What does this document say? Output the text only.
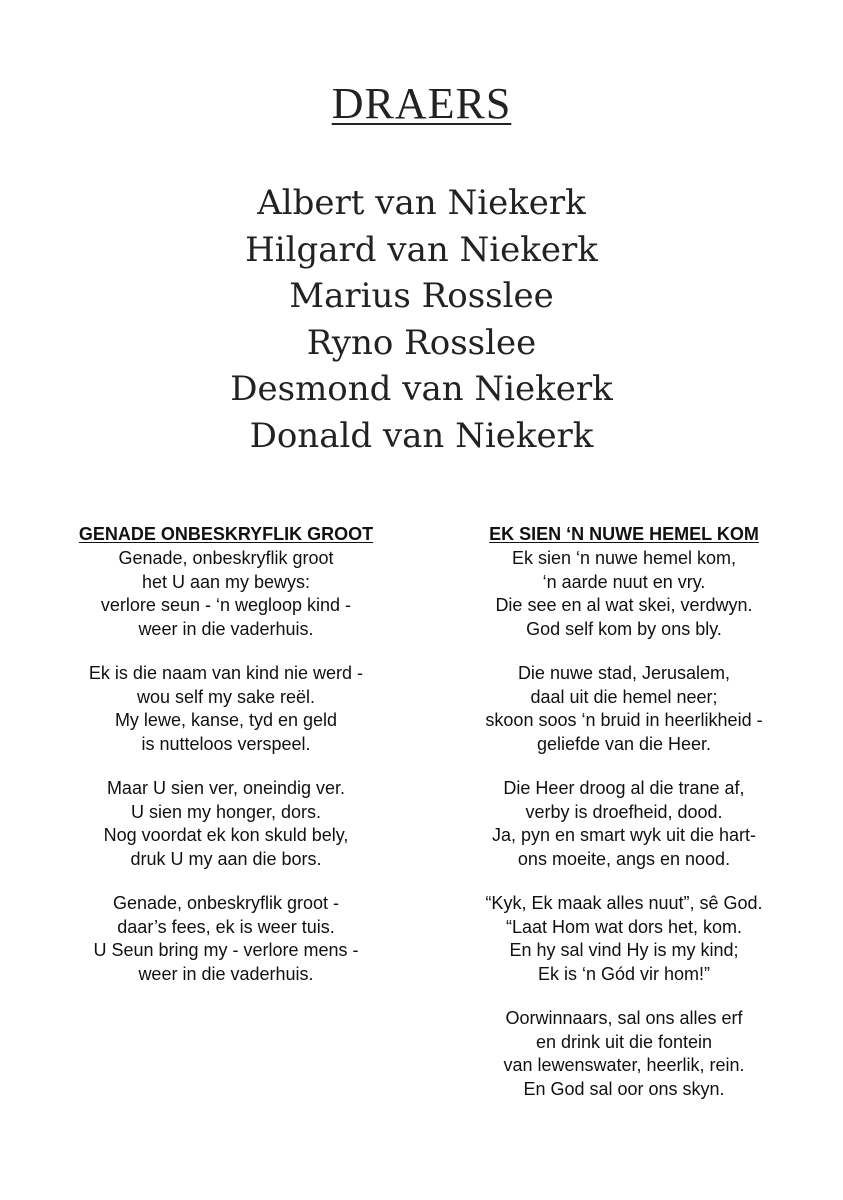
DRAERS
Albert van Niekerk
Hilgard van Niekerk
Marius Rosslee
Ryno Rosslee
Desmond van Niekerk
Donald van Niekerk
GENADE ONBESKRYFLIK GROOT
Genade, onbeskryflik groot
het U aan my bewys:
verlore seun - ‘n wegloop kind -
weer in die vaderhuis.
Ek is die naam van kind nie werd -
wou self my sake reël.
My lewe, kanse, tyd en geld
is nutteloos verspeel.
Maar U sien ver, oneindig ver.
U sien my honger, dors.
Nog voordat ek kon skuld bely,
druk U my aan die bors.
Genade, onbeskryflik groot -
daar’s fees, ek is weer tuis.
U Seun bring my - verlore mens -
weer in die vaderhuis.
EK SIEN ‘N NUWE HEMEL KOM
Ek sien ‘n nuwe hemel kom,
‘n aarde nuut en vry.
Die see en al wat skei, verdwyn.
God self kom by ons bly.
Die nuwe stad, Jerusalem,
daal uit die hemel neer;
skoon soos ‘n bruid in heerlikheid -
geliefde van die Heer.
Die Heer droog al die trane af,
verby is droefheid, dood.
Ja, pyn en smart wyk uit die hart-
ons moeite, angs en nood.
“Kyk, Ek maak alles nuut”, sê God.
“Laat Hom wat dors het, kom.
En hy sal vind Hy is my kind;
Ek is ‘n Gód vir hom!”
Oorwinnaars, sal ons alles erf
en drink uit die fontein
van lewenswater, heerlik, rein.
En God sal oor ons skyn.
